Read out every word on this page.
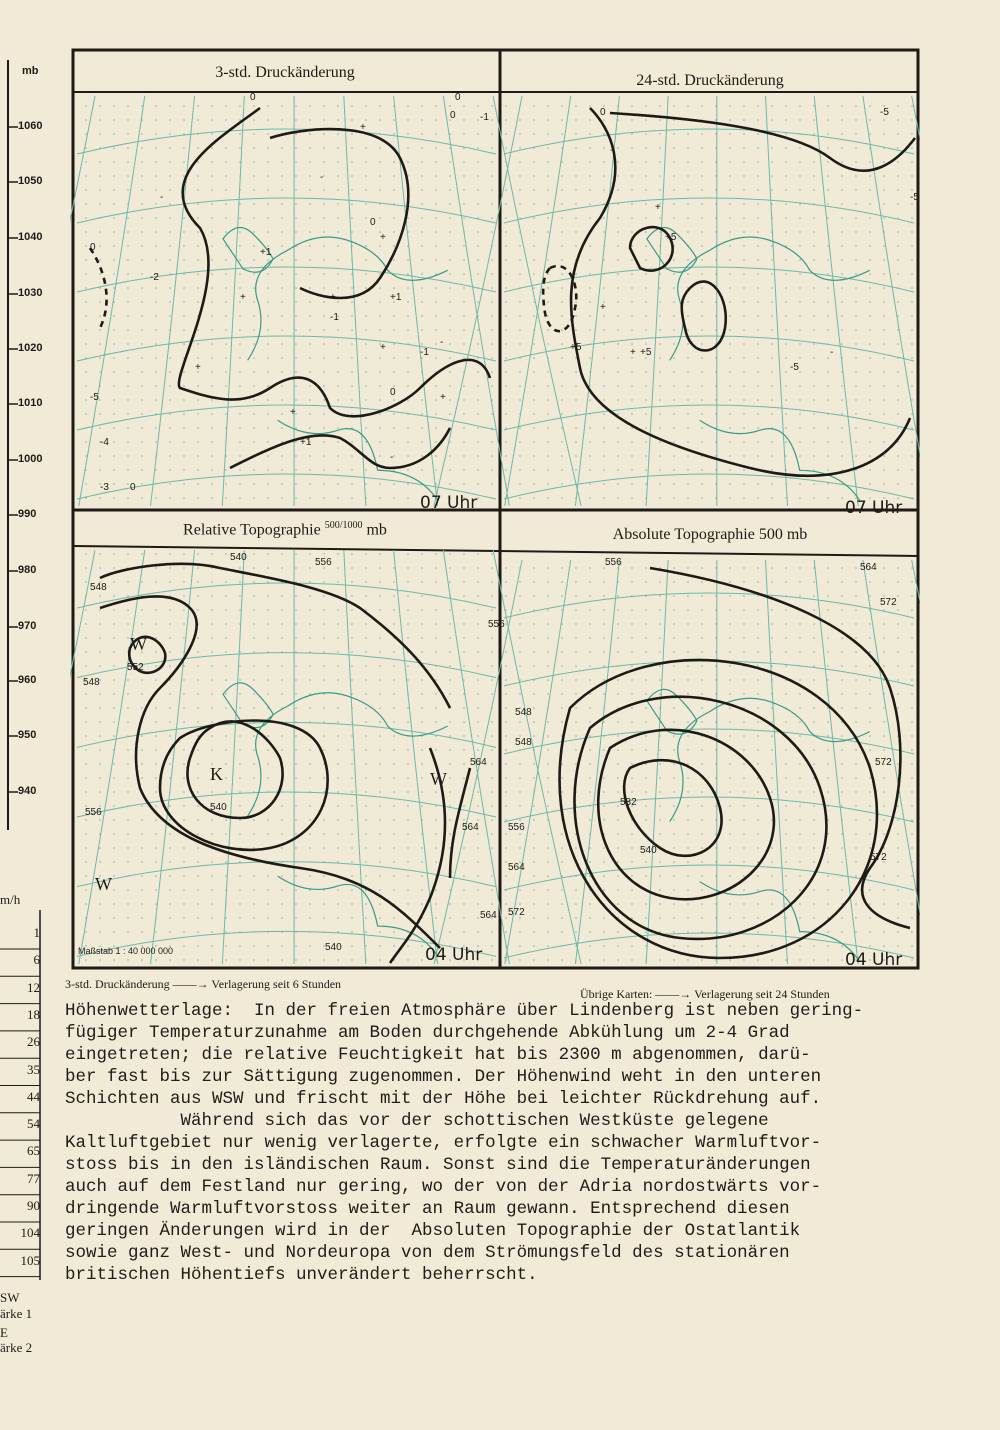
mb
1060
1050
1040
1030
1020
1010
1000
990
980
970
960
950
940
m/h
1
6
12
18
26
35
44
54
65
77
90
104
105
SW
ärke 1
E
ärke 2
+
+
+
+
+
+
+
+
-
-
-
-
0
0
0
0
0
0
-2
-3
-5
-4
+1
+1
+1
-1
-1
-1
+
+
+
-
-
0
0
-5
-5
-5
+5	+5
+5
540
548
552
556
548
540
564
556
564
564
556
540
W
K	W
W
556	564
572
548
548
556
564
572
532
540
572
572
3-std. Druckänderung	24-std. Druckänderung
Relative Topographie $^{500/1000}$ mb	Absolute Topographie 500 mb
07 Uhr	07 Uhr
04 Uhr	04 Uhr
Maßstab 1 : 40 000 000
3-std. Druckänderung ——→ Verlagerung seit 6 Stunden
Übrige Karten: ——→ Verlagerung seit 24 Stunden
Höhenwetterlage:  In der freien Atmosphäre über Lindenberg ist neben gering-
fügiger Temperaturzunahme am Boden durchgehende Abkühlung um 2-4 Grad
eingetreten; die relative Feuchtigkeit hat bis 2300 m abgenommen, darü-
ber fast bis zur Sättigung zugenommen. Der Höhenwind weht in den unteren
Schichten aus WSW und frischt mit der Höhe bei leichter Rückdrehung auf.
Während sich das vor der schottischen Westküste gelegene
Kaltluftgebiet nur wenig verlagerte, erfolgte ein schwacher Warmluftvor-
stoss bis in den isländischen Raum. Sonst sind die Temperaturänderungen
auch auf dem Festland nur gering, wo der von der Adria nordostwärts vor-
dringende Warmluftvorstoss weiter an Raum gewann. Entsprechend diesen
geringen Änderungen wird in der  Absoluten Topographie der Ostatlantik
sowie ganz West- und Nordeuropa von dem Strömungsfeld des stationären
britischen Höhentiefs unverändert beherrscht.
